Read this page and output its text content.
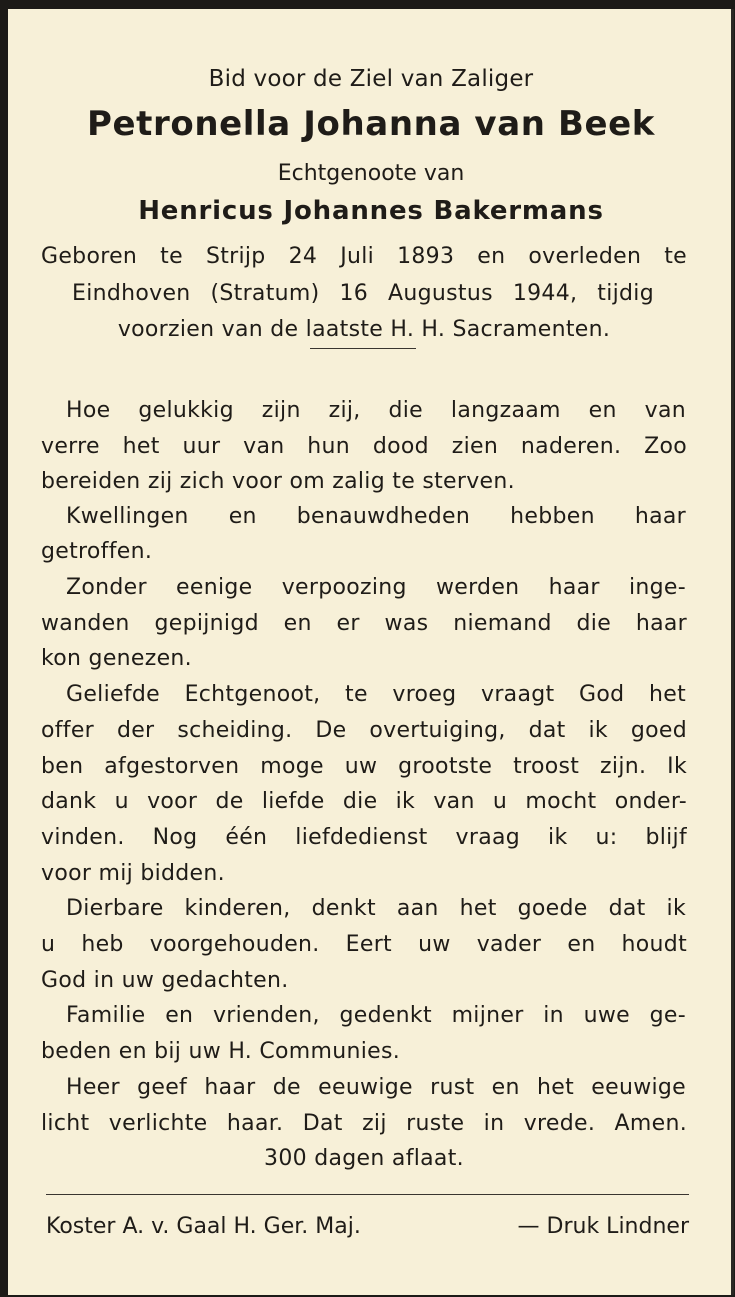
Bid voor de Ziel van Zaliger
Petronella Johanna van Beek
Echtgenoote van
Henricus Johannes Bakermans
Geboren te Strijp 24 Juli 1893 en overleden te
Eindhoven (Stratum) 16 Augustus 1944, tijdig
voorzien van de laatste H. H. Sacramenten.
Hoe gelukkig zijn zij, die langzaam en van
verre het uur van hun dood zien naderen. Zoo
bereiden zij zich voor om zalig te sterven.
Kwellingen en benauwdheden hebben haar
getroffen.
Zonder eenige verpoozing werden haar inge-
wanden gepijnigd en er was niemand die haar
kon genezen.
Geliefde Echtgenoot, te vroeg vraagt God het
offer der scheiding. De overtuiging, dat ik goed
ben afgestorven moge uw grootste troost zijn. Ik
dank u voor de liefde die ik van u mocht onder-
vinden. Nog één liefdedienst vraag ik u: blijf
voor mij bidden.
Dierbare kinderen, denkt aan het goede dat ik
u heb voorgehouden. Eert uw vader en houdt
God in uw gedachten.
Familie en vrienden, gedenkt mijner in uwe ge-
beden en bij uw H. Communies.
Heer geef haar de eeuwige rust en het eeuwige
licht verlichte haar. Dat zij ruste in vrede. Amen.
300 dagen aflaat.
Koster A. v. Gaal H. Ger. Maj.	— Druk Lindner
